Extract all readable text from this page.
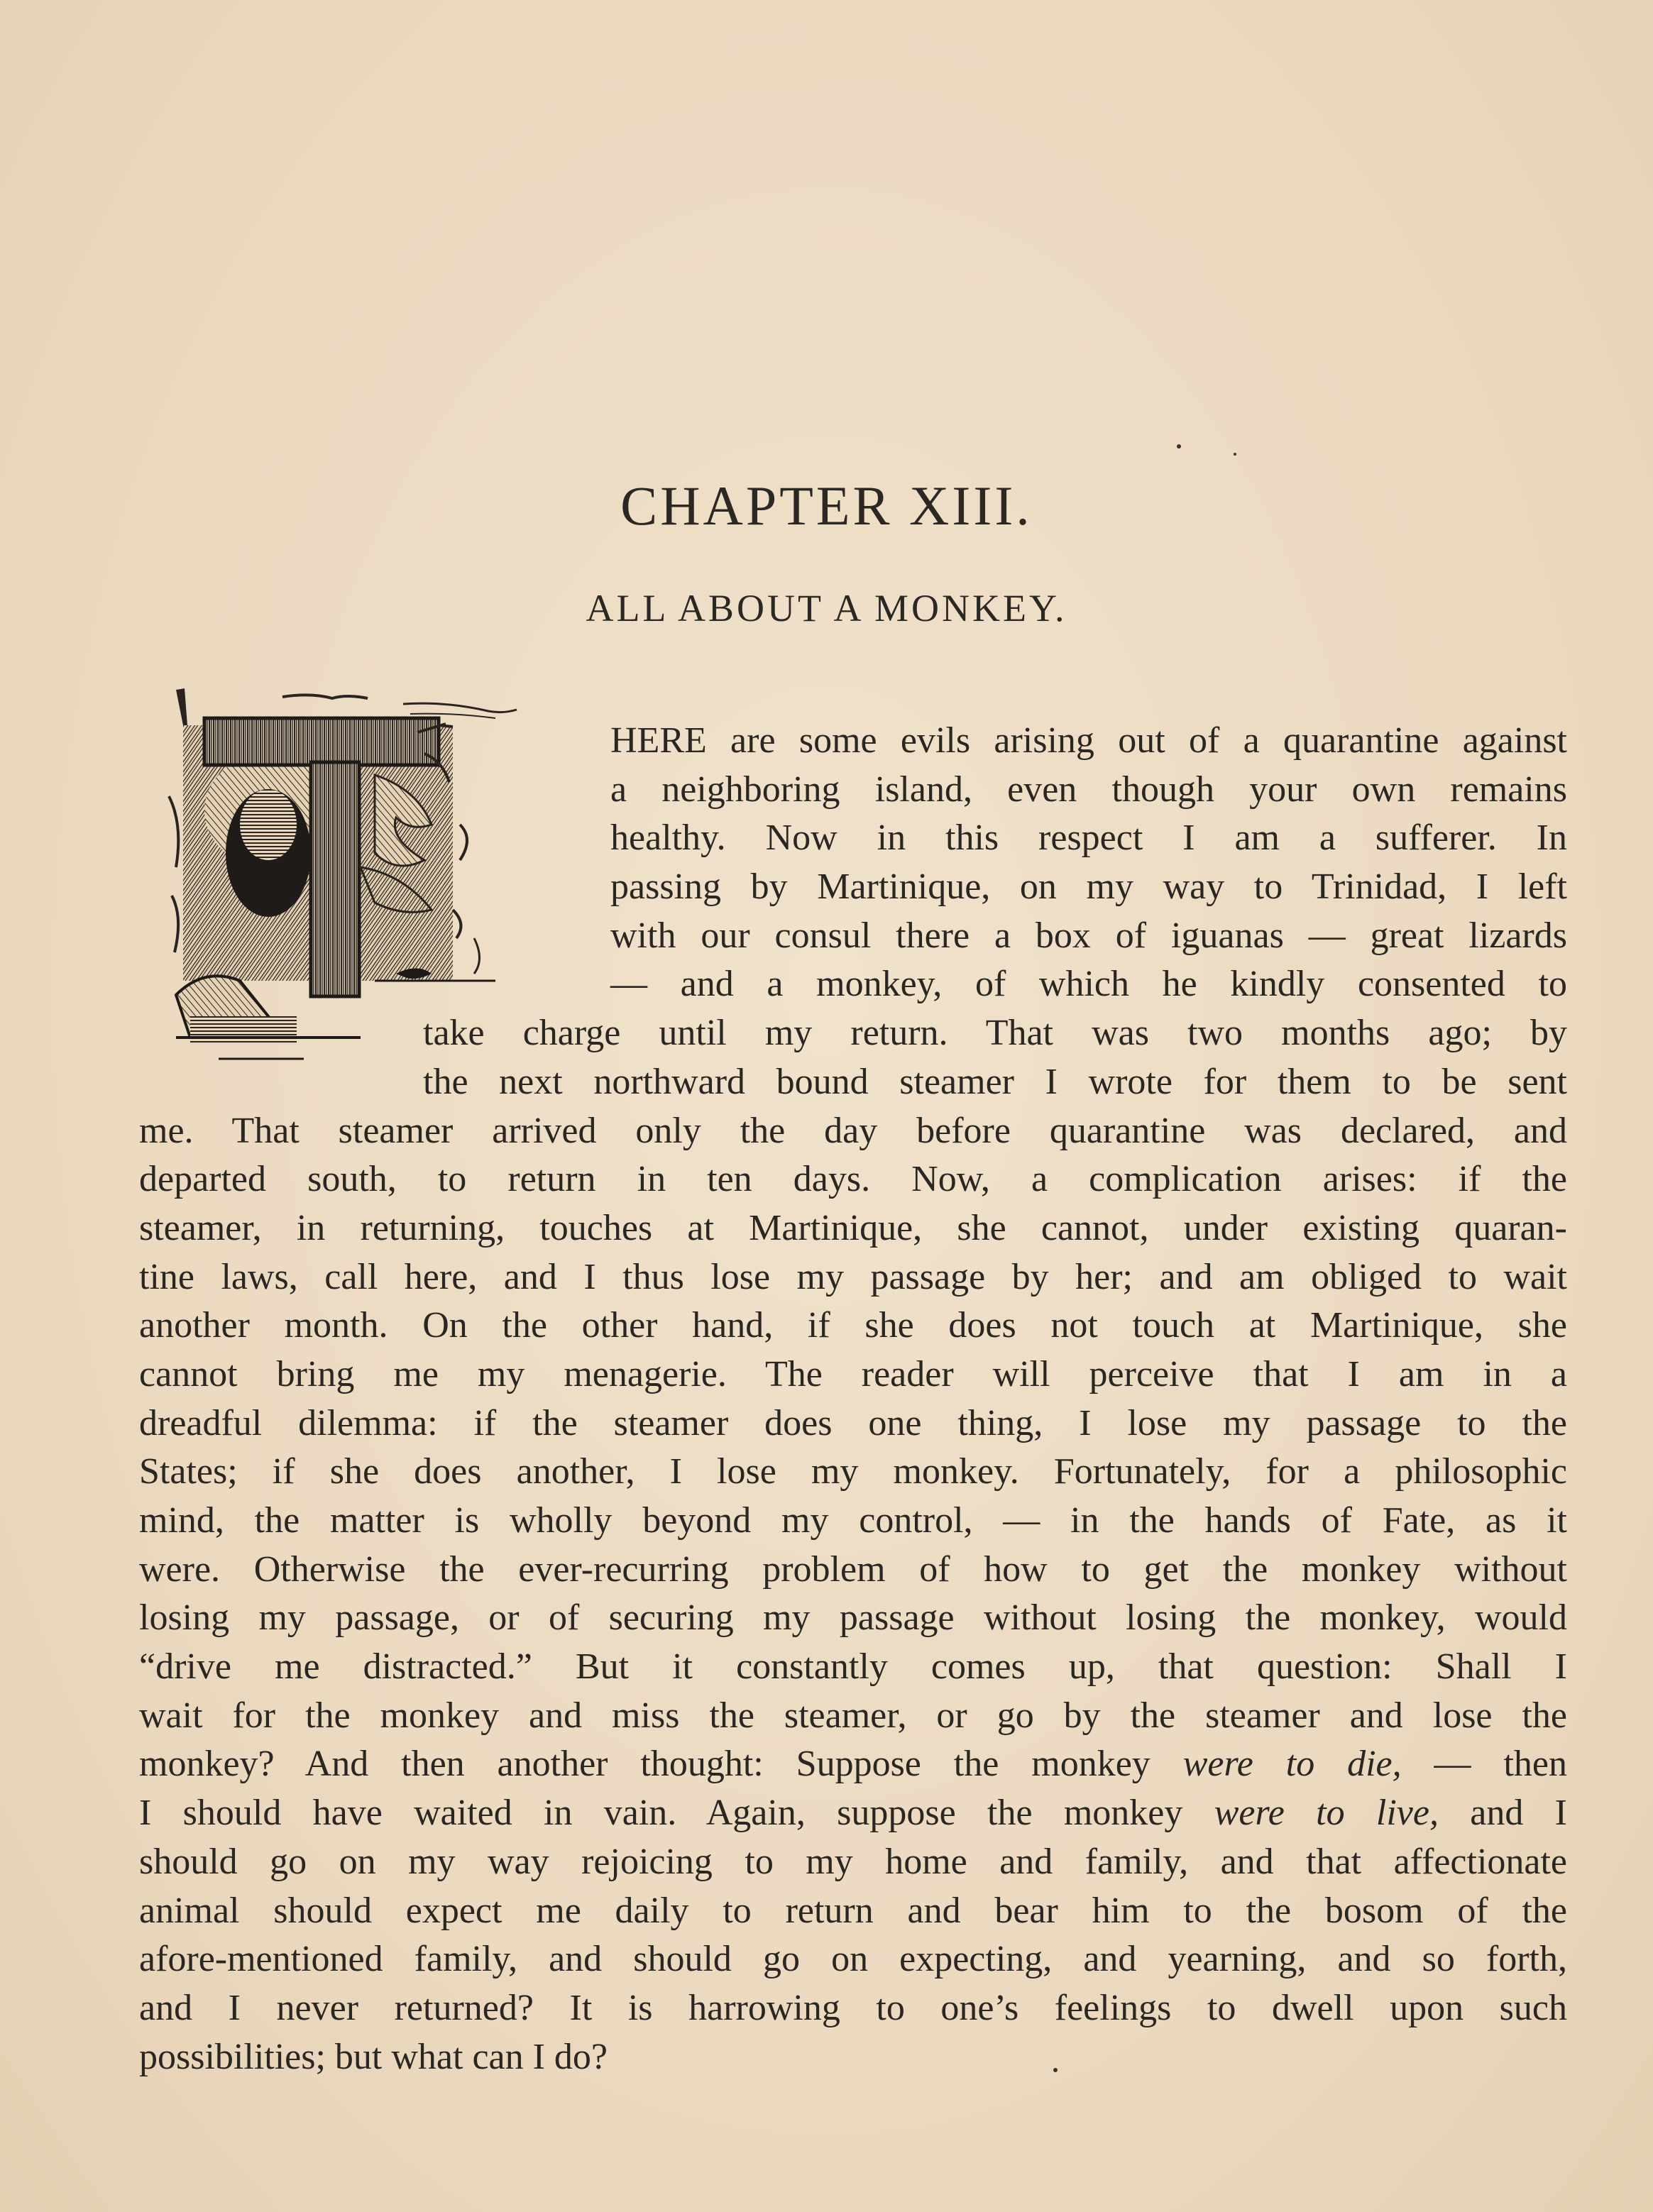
CHAPTER XIII.
ALL ABOUT A MONKEY.
HERE are some evils arising out of a quarantine against
a neighboring island, even though your own remains
healthy. Now in this respect I am a sufferer. In
passing by Martinique, on my way to Trinidad, I left
with our consul there a box of iguanas — great lizards
— and a monkey, of which he kindly consented to
take charge until my return. That was two months ago; by
the next northward bound steamer I wrote for them to be sent
me. That steamer arrived only the day before quarantine was declared, and
departed south, to return in ten days. Now, a complication arises: if the
steamer, in returning, touches at Martinique, she cannot, under existing quaran-
tine laws, call here, and I thus lose my passage by her; and am obliged to wait
another month. On the other hand, if she does not touch at Martinique, she
cannot bring me my menagerie. The reader will perceive that I am in a
dreadful dilemma: if the steamer does one thing, I lose my passage to the
States; if she does another, I lose my monkey. Fortunately, for a philosophic
mind, the matter is wholly beyond my control, — in the hands of Fate, as it
were. Otherwise the ever-recurring problem of how to get the monkey without
losing my passage, or of securing my passage without losing the monkey, would
“drive me distracted.” But it constantly comes up, that question: Shall I
wait for the monkey and miss the steamer, or go by the steamer and lose the
monkey? And then another thought: Suppose the monkey were to die, — then
I should have waited in vain. Again, suppose the monkey were to live, and I
should go on my way rejoicing to my home and family, and that affectionate
animal should expect me daily to return and bear him to the bosom of the
afore-mentioned family, and should go on expecting, and yearning, and so forth,
and I never returned? It is harrowing to one’s feelings to dwell upon such
possibilities; but what can I do?
